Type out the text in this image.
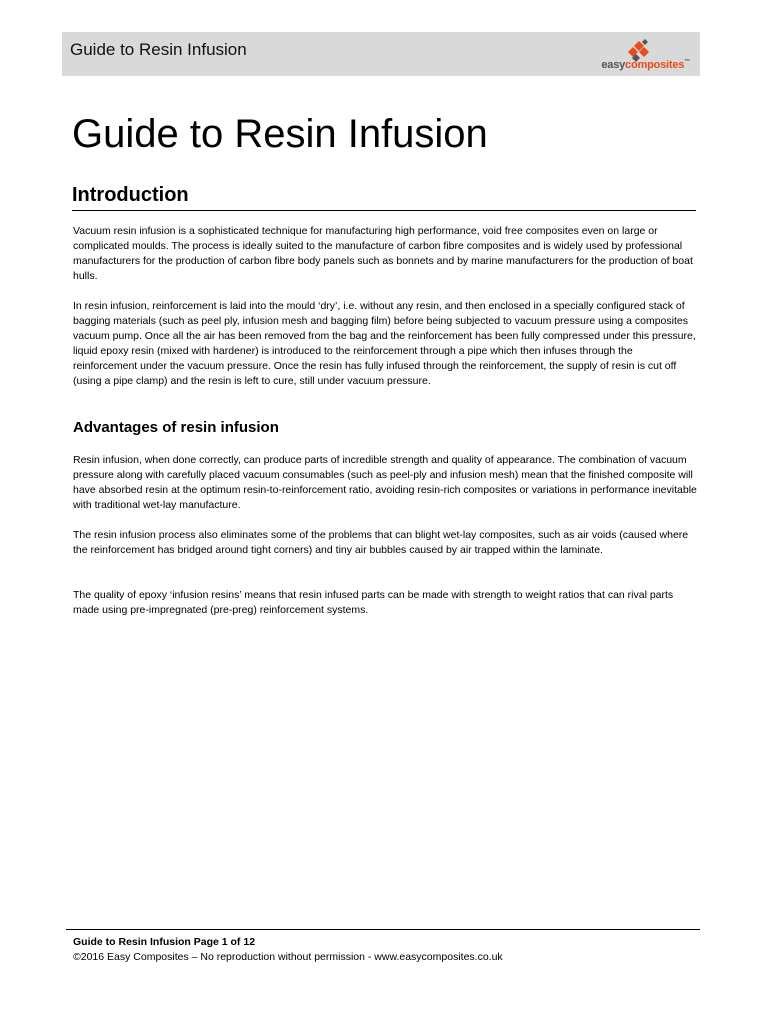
Guide to Resin Infusion
easycomposites™
Guide to Resin Infusion
Introduction

Vacuum resin infusion is a sophisticated technique for manufacturing high performance, void free composites even on large or complicated moulds. The process is ideally suited to the manufacture of carbon fibre composites and is widely used by professional manufacturers for the production of carbon fibre body panels such as bonnets and by marine manufacturers for the production of boat hulls.

In resin infusion, reinforcement is laid into the mould ‘dry’, i.e. without any resin, and then enclosed in a specially configured stack of bagging materials (such as peel ply, infusion mesh and bagging film) before being subjected to vacuum pressure using a composites vacuum pump. Once all the air has been removed from the bag and the reinforcement has been fully compressed under this pressure, liquid epoxy resin (mixed with hardener) is introduced to the reinforcement through a pipe which then infuses through the reinforcement under the vacuum pressure. Once the resin has fully infused through the reinforcement, the supply of resin is cut off (using a pipe clamp) and the resin is left to cure, still under vacuum pressure.

Advantages of resin infusion

Resin infusion, when done correctly, can produce parts of incredible strength and quality of appearance. The combination of vacuum pressure along with carefully placed vacuum consumables (such as peel-ply and infusion mesh) mean that the finished composite will have absorbed resin at the optimum resin-to-reinforcement ratio, avoiding resin-rich composites or variations in performance inevitable with traditional wet-lay manufacture.

The resin infusion process also eliminates some of the problems that can blight wet-lay composites, such as air voids (caused where the reinforcement has bridged around tight corners) and tiny air bubbles caused by air trapped within the laminate.

The quality of epoxy ‘infusion resins’ means that resin infused parts can be made with strength to weight ratios that can rival parts made using pre-impregnated (pre-preg) reinforcement systems.

Guide to Resin Infusion Page 1 of 12
©2016 Easy Composites – No reproduction without permission - www.easycomposites.co.uk
